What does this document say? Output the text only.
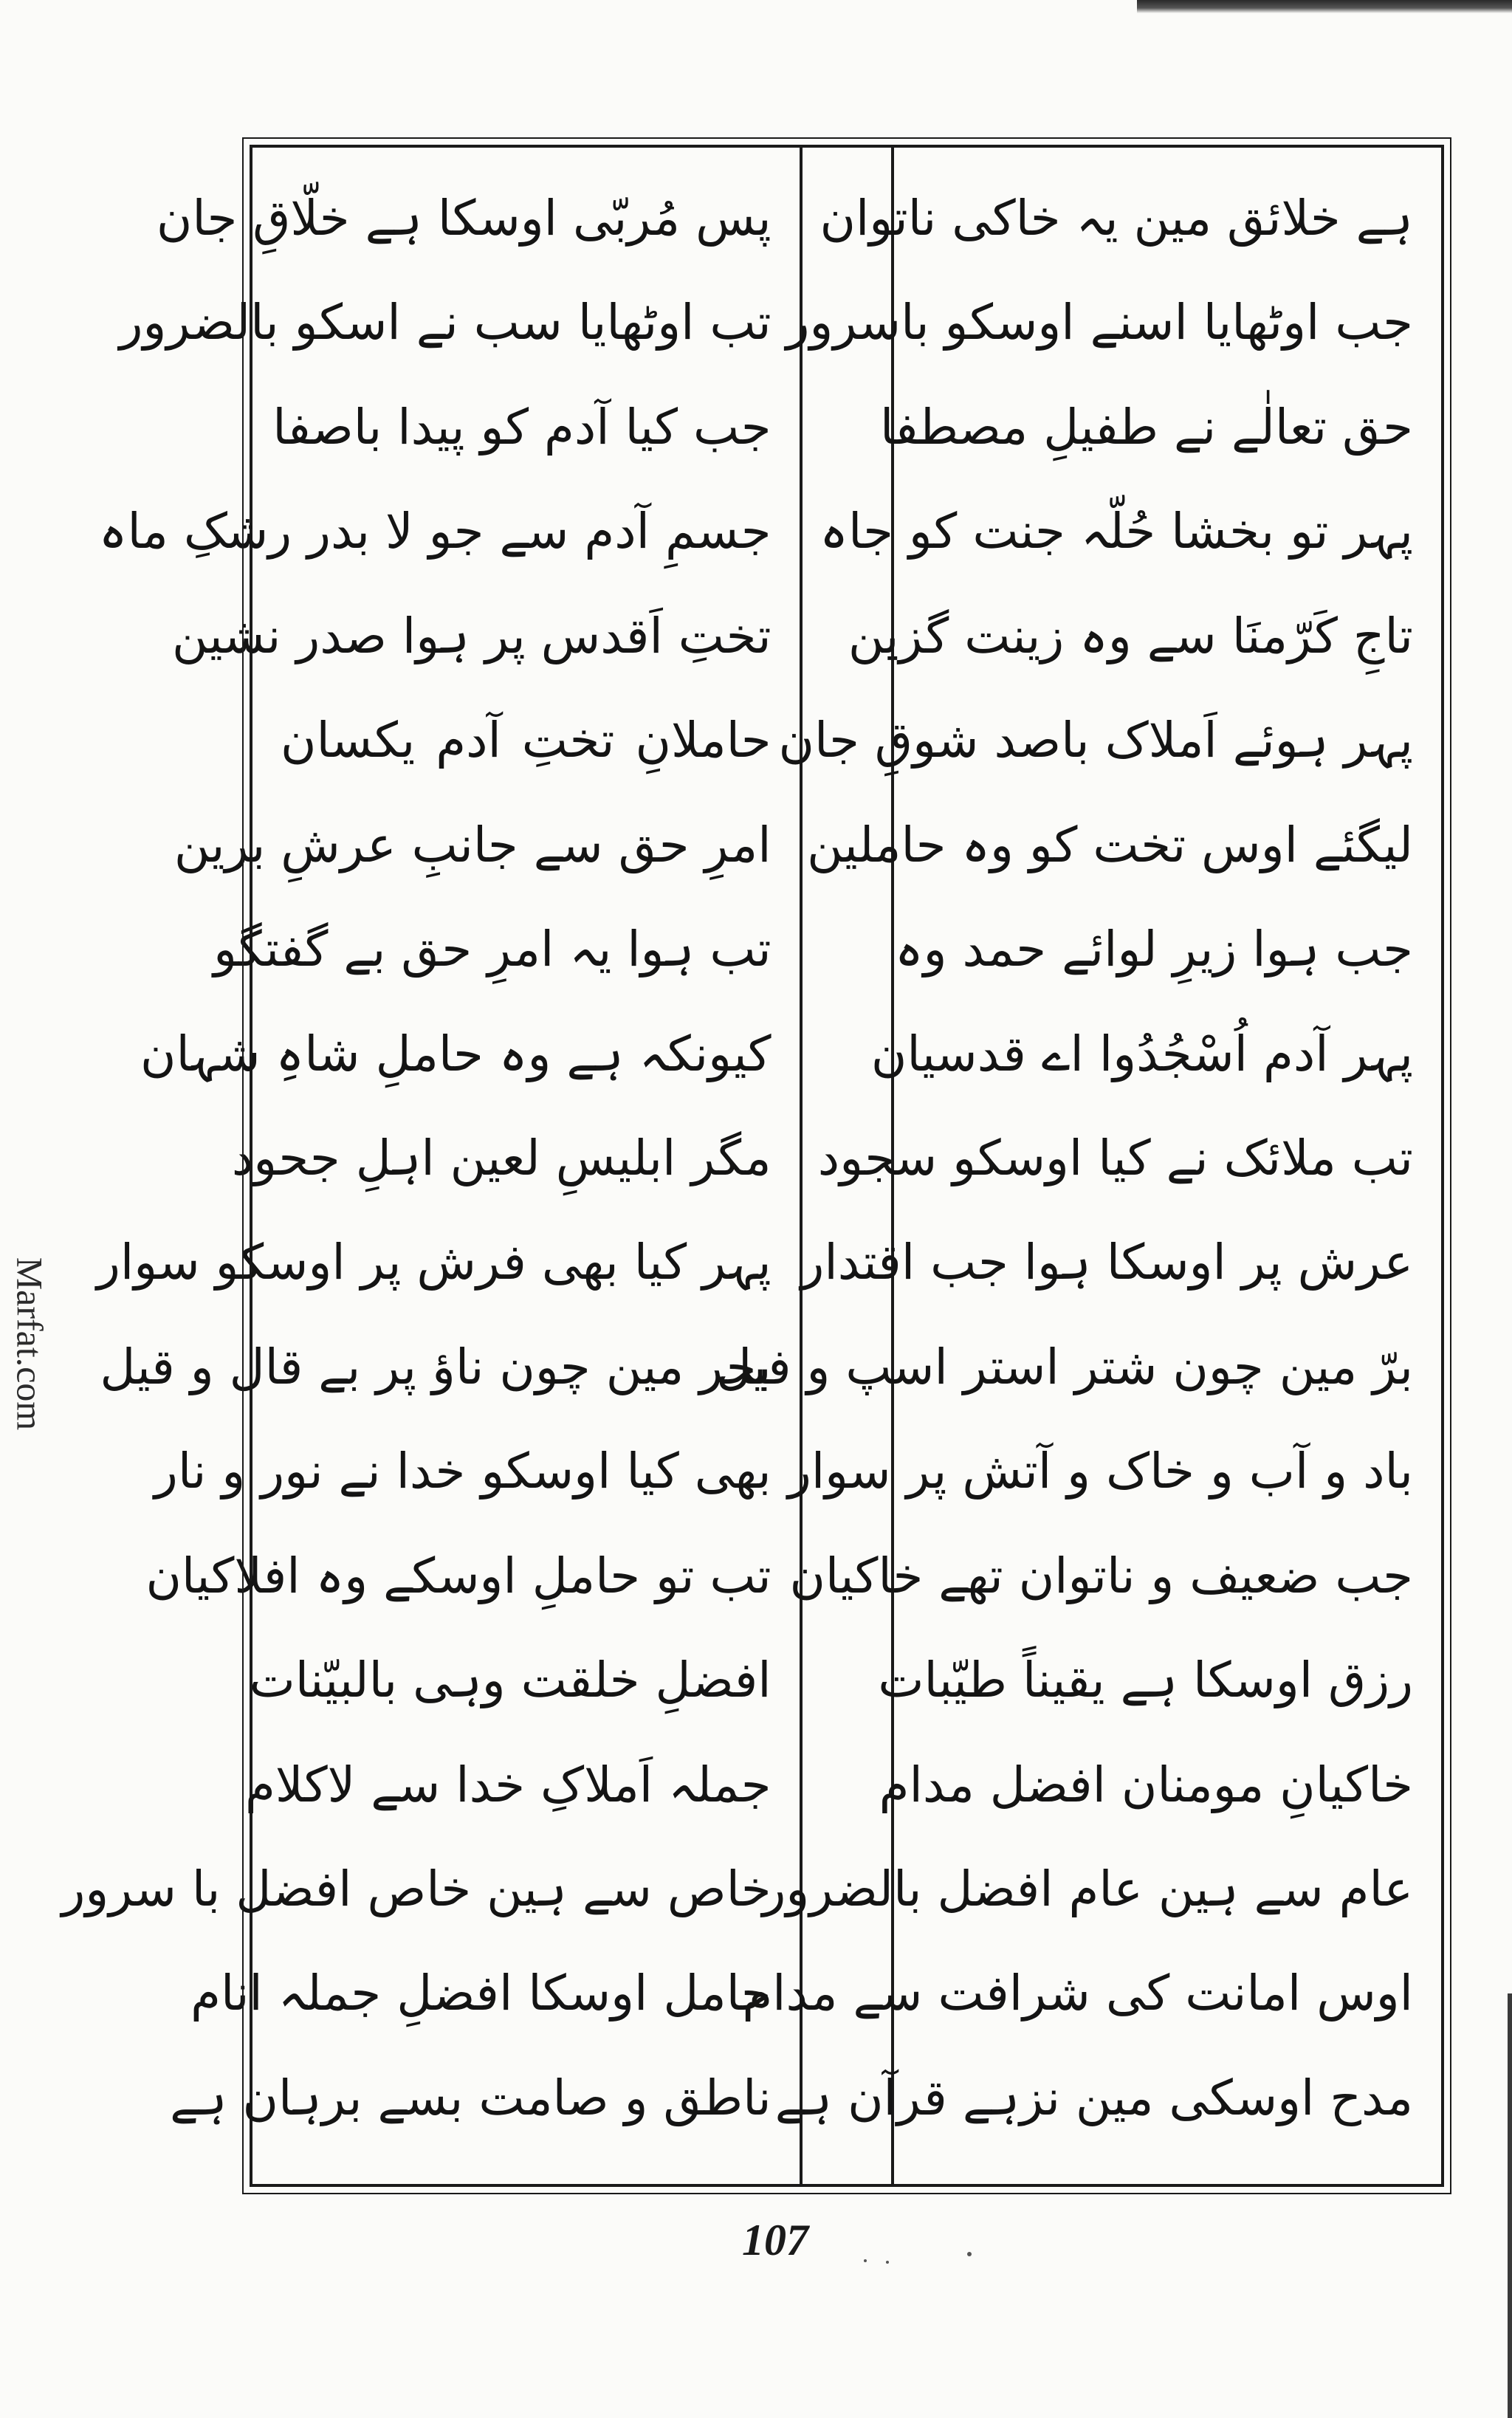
Marfat.com
پس مُربّی اوسکا ہے خلّاقِ جان
تب اوٹھایا سب نے اسکو بالضرور
جب کیا آدم کو پیدا باصفا
جسمِ آدم سے جو لا بدر رشکِ ماہ
تختِ اَقدس پر ہوا صدر نشین
حاملانِ تختِ آدم یکسان
امرِ حق سے جانبِ عرشِ برین
تب ہوا یہ امرِ حق بے گفتگو
کیونکہ ہے وہ حاملِ شاہِ شہان
مگر ابلیسِ لعین اہلِ جحود
پہر کیا بھی فرش پر اوسکو سوار
بحر مین چون ناؤ پر بے قال و قیل
بھی کیا اوسکو خدا نے نور و نار
تب تو حاملِ اوسکے وہ افلاکیان
افضلِ خلقت وہی بالبیّنات
جملہ اَملاکِ خدا سے لاکلام
خاص سے ہین خاص افضل با سرور
حامل اوسکا افضلِ جملہ انام
ناطق و صامت بسے برہان ہے
ہے خلائق مین یہ خاکی ناتوان
جب اوٹھایا اسنے اوسکو باسرور
حق تعالٰے نے طفیلِ مصطفا
پہر تو بخشا حُلّہ جنت کو جاہ
تاجِ کَرّمنَا سے وہ زینت گزین
پہر ہوئے اَملاک باصد شوقِ جان
لیگئے اوس تخت کو وہ حاملین
جب ہوا زیرِ لوائے حمد وہ
پہر آدم اُسْجُدُوا اے قدسیان
تب ملائک نے کیا اوسکو سجود
عرش پر اوسکا ہوا جب اقتدار
برّ مین چون شتر استر اسپ و فیل
باد و آب و خاک و آتش پر سوار
جب ضعیف و ناتوان تھے خاکیان
رزق اوسکا ہے یقیناً طیّبات
خاکیانِ مومنان افضل مدام
عام سے ہین عام افضل بالضرور
اوس امانت کی شرافت سے مدام
مدح اوسکی مین نزہے قرآن ہے
107
